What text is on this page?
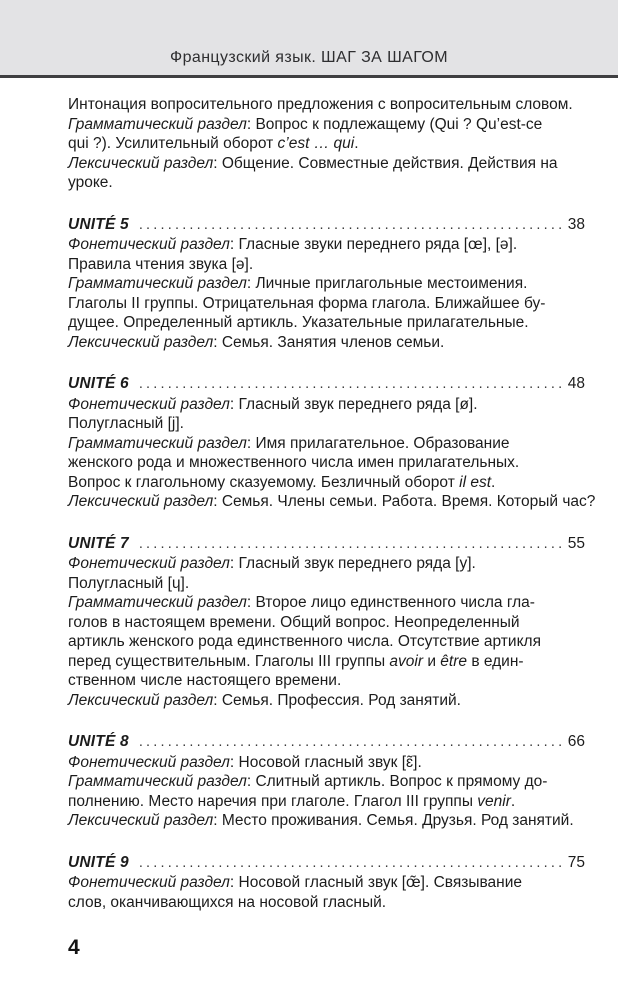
Французский язык. ШАГ ЗА ШАГОМ
Интонация вопросительного предложения с вопросительным словом.
Грамматический раздел: Вопрос к подлежащему (Qui ? Qu’est-ce
qui ?). Усилительный оборот c’est … qui.
Лексический раздел: Общение. Совместные действия. Действия на
уроке.
UNITÉ 5 .....	38
Фонетический раздел: Гласные звуки переднего ряда [œ], [ə].
Правила чтения звука [ə].
Грамматический раздел: Личные приглагольные местоимения.
Глаголы II группы. Отрицательная форма глагола. Ближайшее бу-
дущее. Определенный артикль. Указательные прилагательные.
Лексический раздел: Семья. Занятия членов семьи.
UNITÉ 6 .....	48
Фонетический раздел: Гласный звук переднего ряда [ø].
Полугласный [j].
Грамматический раздел: Имя прилагательное. Образование
женского рода и множественного числа имен прилагательных.
Вопрос к глагольному сказуемому. Безличный оборот il est.
Лексический раздел: Семья. Члены семьи. Работа. Время. Который час?
UNITÉ 7 .....	55
Фонетический раздел: Гласный звук переднего ряда [y].
Полугласный [ɥ].
Грамматический раздел: Второе лицо единственного числа гла-
голов в настоящем времени. Общий вопрос. Неопределенный
артикль женского рода единственного числа. Отсутствие артикля
перед существительным. Глаголы III группы avoir и être в един-
ственном числе настоящего времени.
Лексический раздел: Семья. Профессия. Род занятий.
UNITÉ 8 .....	66
Фонетический раздел: Носовой гласный звук [ɛ̃].
Грамматический раздел: Слитный артикль. Вопрос к прямому до-
полнению. Место наречия при глаголе. Глагол III группы venir.
Лексический раздел: Место проживания. Семья. Друзья. Род занятий.
UNITÉ 9 .....	75
Фонетический раздел: Носовой гласный звук [œ̃]. Связывание
слов, оканчивающихся на носовой гласный.
4
